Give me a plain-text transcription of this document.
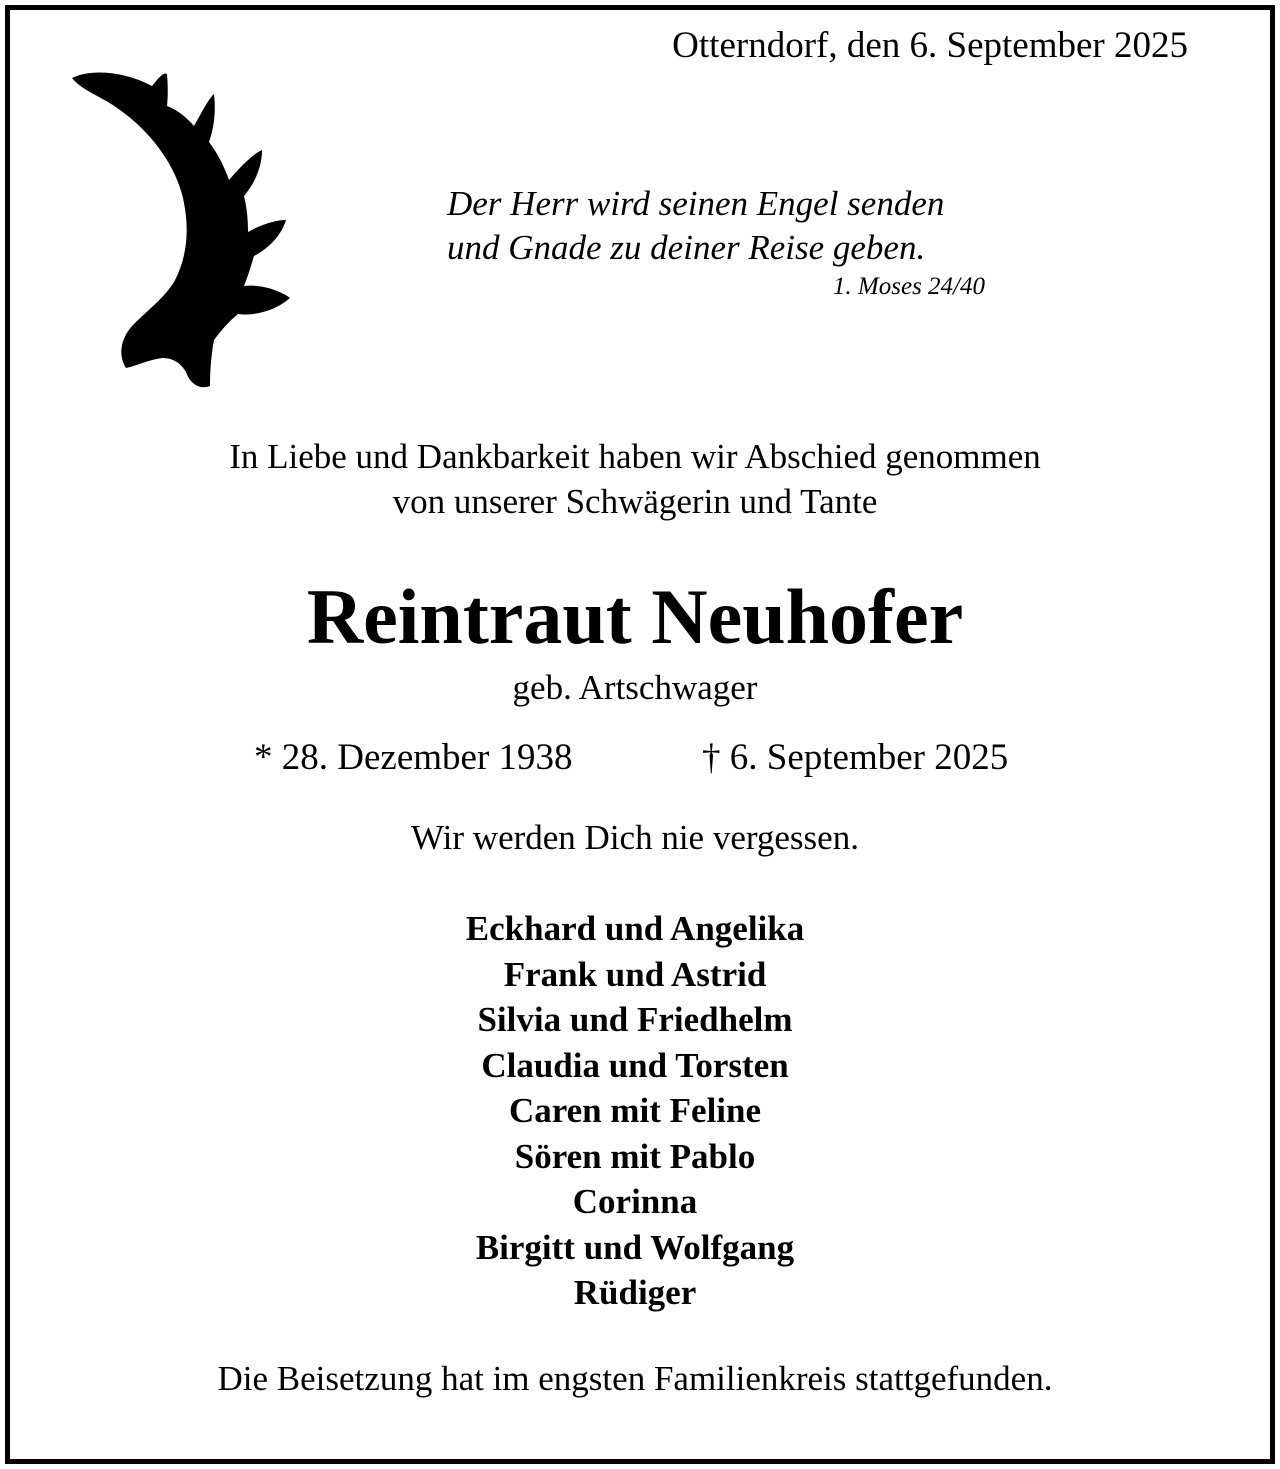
Otterndorf, den 6. September 2025
Der Herr wird seinen Engel senden
und Gnade zu deiner Reise geben.
1. Moses 24/40
In Liebe und Dankbarkeit haben wir Abschied genommen
von unserer Schwägerin und Tante
Reintraut Neuhofer
geb. Artschwager
* 28. Dezember 1938	† 6. September 2025
Wir werden Dich nie vergessen.
Eckhard und Angelika
Frank und Astrid
Silvia und Friedhelm
Claudia und Torsten
Caren mit Feline
Sören mit Pablo
Corinna
Birgitt und Wolfgang
Rüdiger
Die Beisetzung hat im engsten Familienkreis stattgefunden.
